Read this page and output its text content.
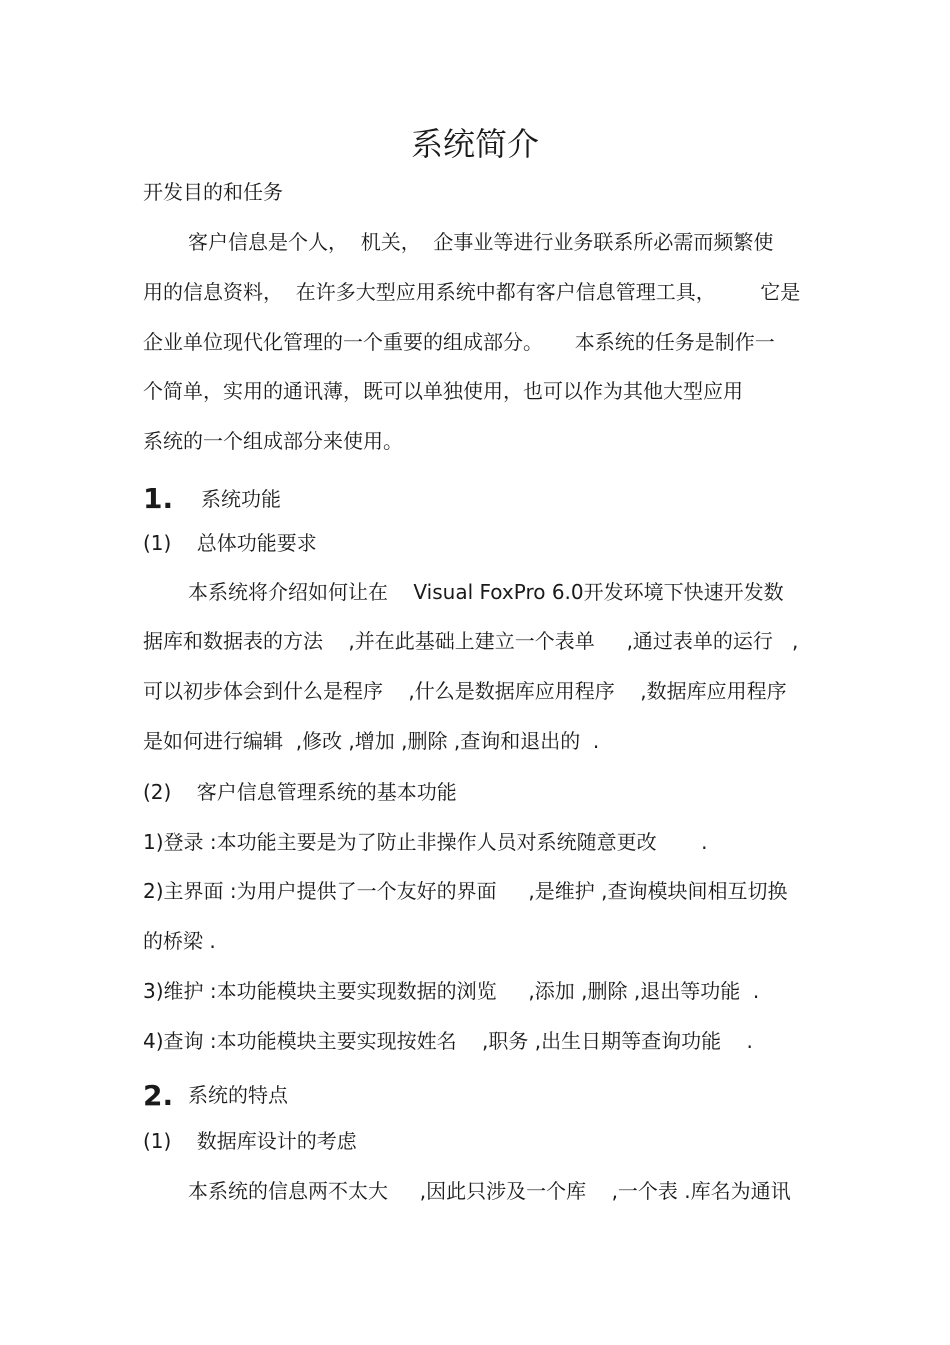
系统简介
开发目的和任务
客户信息是个人，  机关，  企事业等进行业务联系所必需而频繁使
用的信息资料，  在许多大型应用系统中都有客户信息管理工具，       它是
企业单位现代化管理的一个重要的组成部分。     本系统的任务是制作一
个简单，实用的通讯薄，既可以单独使用，也可以作为其他大型应用
系统的一个组成部分来使用。
1. 系统功能
(1)    总体功能要求
本系统将介绍如何让在    Visual FoxPro 6.0开发环境下快速开发数
据库和数据表的方法    ,并在此基础上建立一个表单     ,通过表单的运行   ,
可以初步体会到什么是程序    ,什么是数据库应用程序    ,数据库应用程序
是如何进行编辑  ,修改 ,增加 ,删除 ,查询和退出的  .
(2)    客户信息管理系统的基本功能
1)登录 :本功能主要是为了防止非操作人员对系统随意更改       .
2)主界面 :为用户提供了一个友好的界面     ,是维护 ,查询模块间相互切换
的桥梁 .
3)维护 :本功能模块主要实现数据的浏览     ,添加 ,删除 ,退出等功能  .
4)查询 :本功能模块主要实现按姓名    ,职务 ,出生日期等查询功能    .
2. 系统的特点
(1)    数据库设计的考虑
本系统的信息两不太大     ,因此只涉及一个库    ,一个表 .库名为通讯
